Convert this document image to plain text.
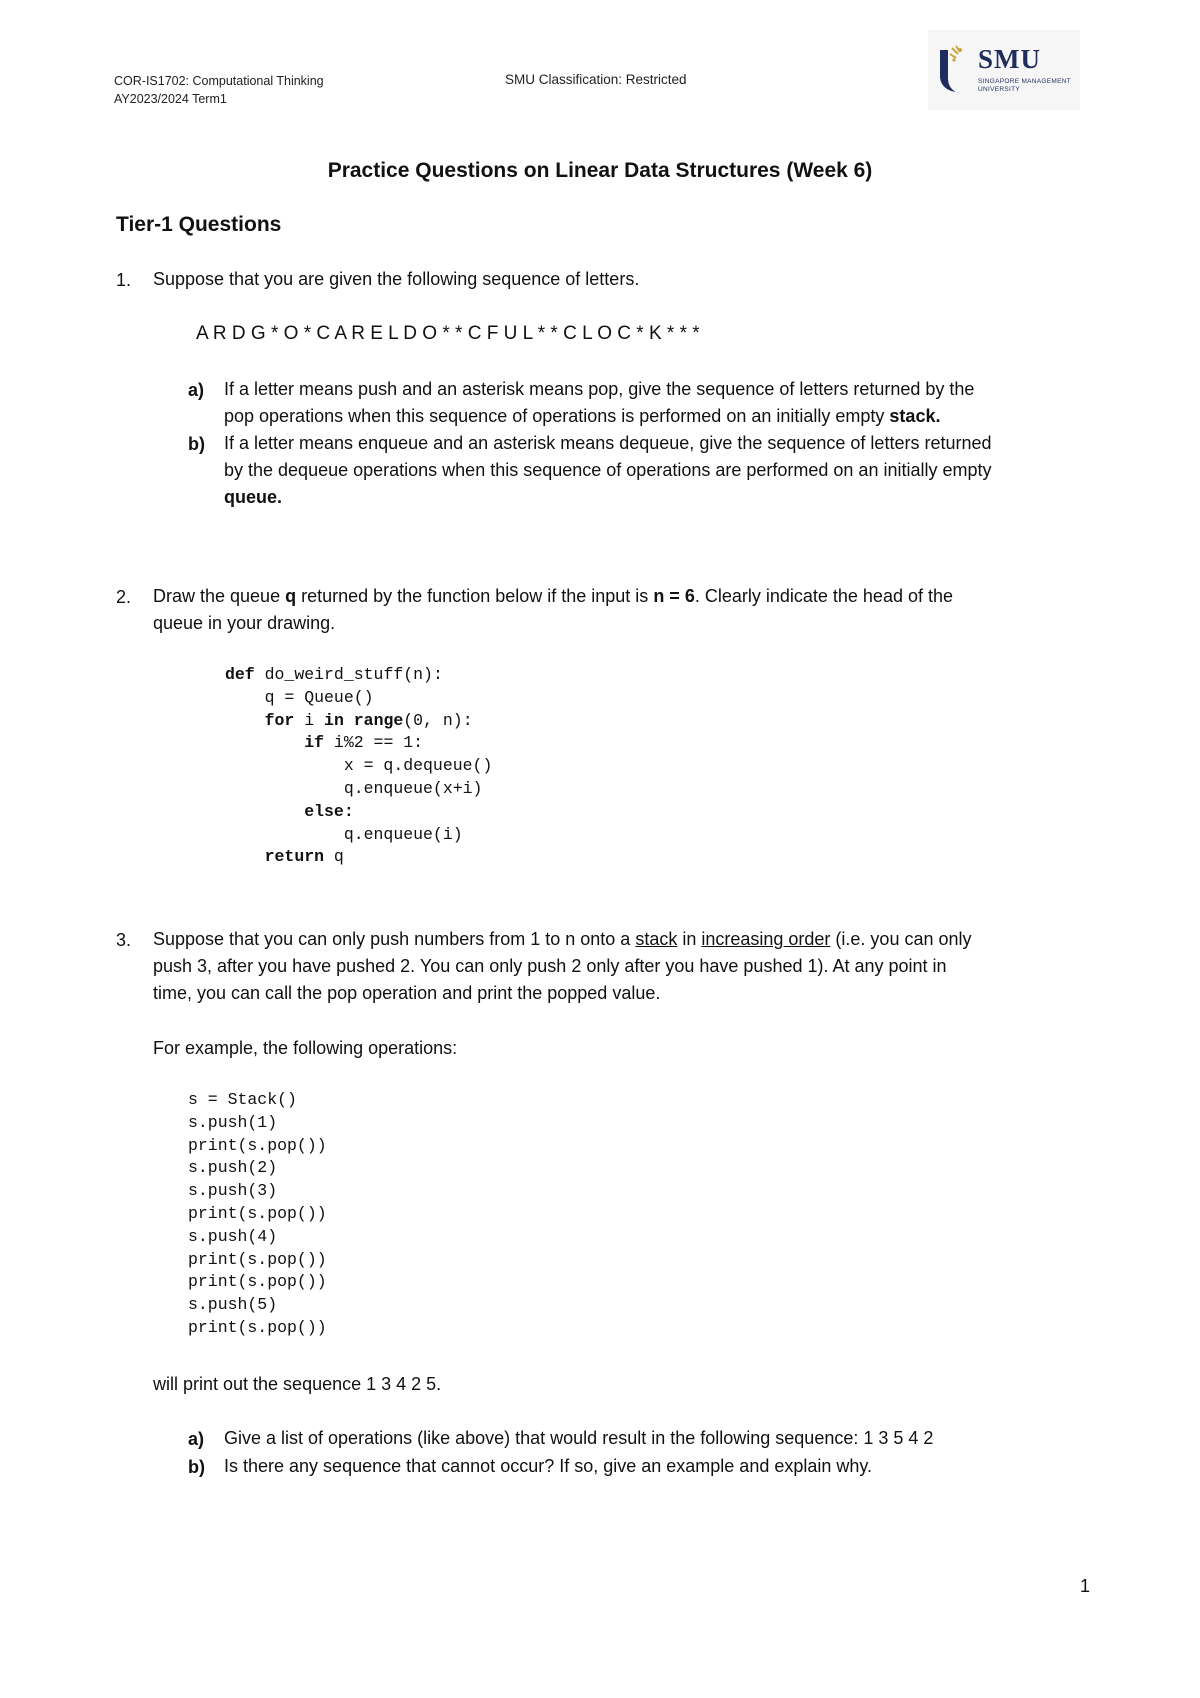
COR-IS1702: Computational Thinking
AY2023/2024 Term1
SMU Classification: Restricted
SMU
SINGAPORE MANAGEMENT
UNIVERSITY
Practice Questions on Linear Data Structures (Week 6)
Tier-1 Questions
1. Suppose that you are given the following sequence of letters.
A R D G * O * C A R E L D O * * C F U L * * C L O C * K * * *
a) If a letter means push and an asterisk means pop, give the sequence of letters returned by the
pop operations when this sequence of operations is performed on an initially empty stack.
b) If a letter means enqueue and an asterisk means dequeue, give the sequence of letters returned
by the dequeue operations when this sequence of operations are performed on an initially empty
queue.
2. Draw the queue q returned by the function below if the input is n = 6. Clearly indicate the head of the
queue in your drawing.
def do_weird_stuff(n):
q = Queue()
for i in range(0, n):
if i%2 == 1:
x = q.dequeue()
q.enqueue(x+i)
else:
q.enqueue(i)
return q
3. Suppose that you can only push numbers from 1 to n onto a stack in increasing order (i.e. you can only
push 3, after you have pushed 2. You can only push 2 only after you have pushed 1). At any point in
time, you can call the pop operation and print the popped value.
For example, the following operations:
s = Stack()
s.push(1)
print(s.pop())
s.push(2)
s.push(3)
print(s.pop())
s.push(4)
print(s.pop())
print(s.pop())
s.push(5)
print(s.pop())
will print out the sequence 1 3 4 2 5.
a) Give a list of operations (like above) that would result in the following sequence: 1 3 5 4 2
b) Is there any sequence that cannot occur? If so, give an example and explain why.
1
